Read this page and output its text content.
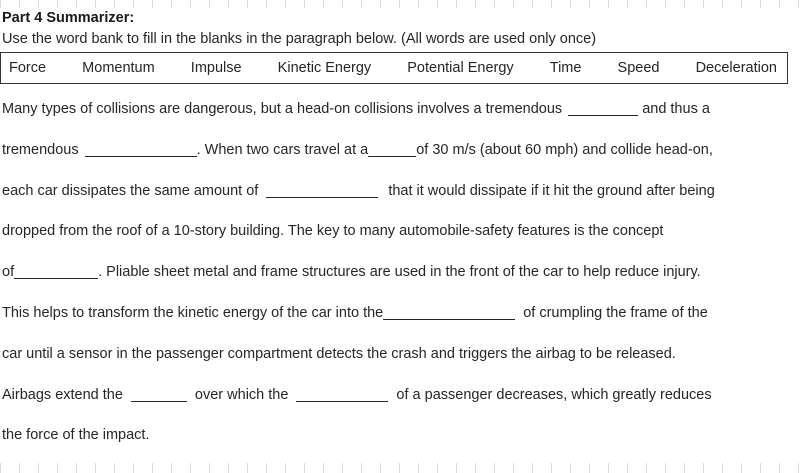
Part 4 Summarizer:
Use the word bank to fill in the blanks in the paragraph below. (All words are used only once)
Force Momentum Impulse Kinetic Energy Potential Energy Time Speed Deceleration
Many types of collisions are dangerous, but a head-on collisions involves a tremendous	and thus a
tremendous	. When two cars travel at a	of 30 m/s (about 60 mph) and collide head-on,
each car dissipates the same amount of	that it would dissipate if it hit the ground after being
dropped from the roof of a 10-story building. The key to many automobile-safety features is the concept
of	. Pliable sheet metal and frame structures are used in the front of the car to help reduce injury.
This helps to transform the kinetic energy of the car into the	of crumpling the frame of the
car until a sensor in the passenger compartment detects the crash and triggers the airbag to be released.
Airbags extend the	over which the	of a passenger decreases, which greatly reduces
the force of the impact.
